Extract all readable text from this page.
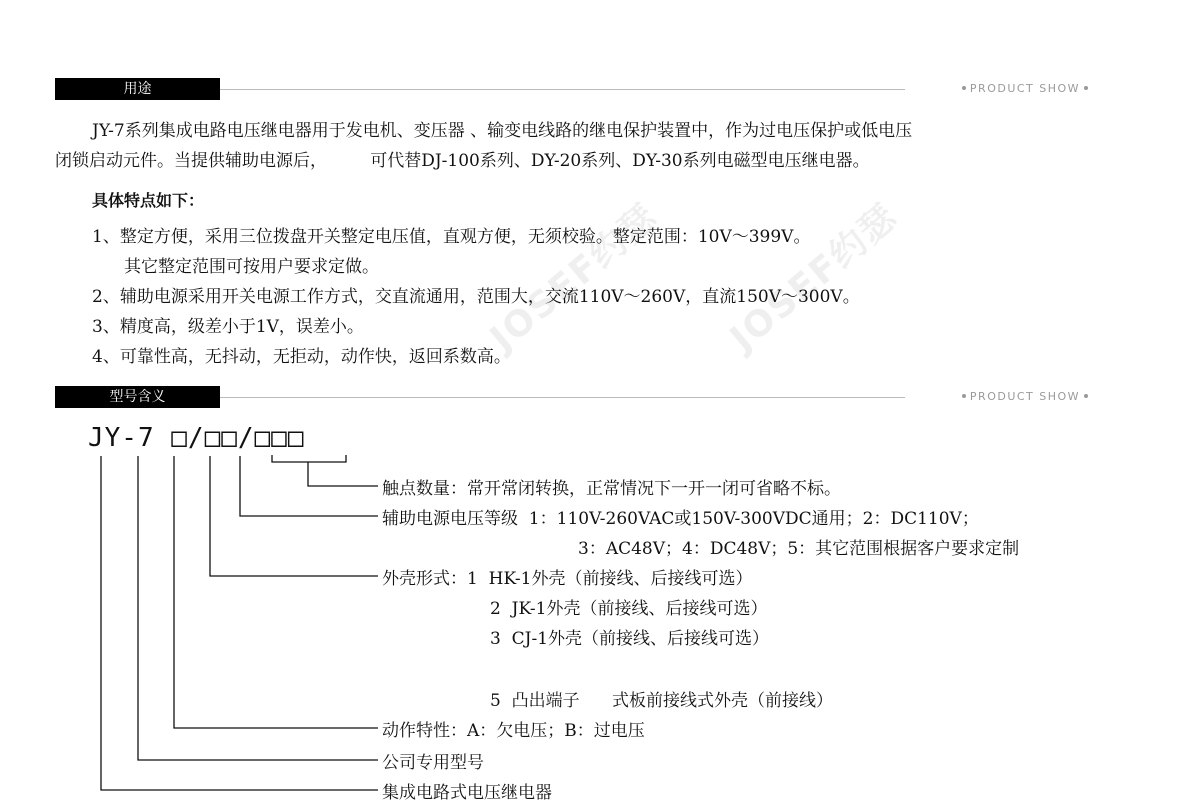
用途	PRODUCT SHOW
JY-7系列集成电路电压继电器用于发电机、变压器 、输变电线路的继电保护装置中，作为过电压保护或低电压
闭锁启动元件。当提供辅助电源后，        可代替DJ-100系列、DY-20系列、DY-30系列电磁型电压继电器。
具体特点如下：
1、整定方便，采用三位拨盘开关整定电压值，直观方便，无须校验。整定范围：10V～399V。
其它整定范围可按用户要求定做。
2、辅助电源采用开关电源工作方式，交直流通用，范围大，交流110V～260V，直流150V～300V。
3、精度高，级差小于1V，误差小。
4、可靠性高，无抖动，无拒动，动作快，返回系数高。
JOSEF约瑟 JOSEF约瑟
型号含义	PRODUCT SHOW
JY-7 □/□□/□□□
触点数量：常开常闭转换，正常情况下一开一闭可省略不标。
辅助电源电压等级  1：110V-260VAC或150V-300VDC通用；2：DC110V；
3：AC48V；4：DC48V；5：其它范围根据客户要求定制
外壳形式：1  HK-1外壳（前接线、后接线可选）
2  JK-1外壳（前接线、后接线可选）
3  CJ-1外壳（前接线、后接线可选）
5  凸出端子      式板前接线式外壳（前接线）
动作特性：A：欠电压；B：过电压
公司专用型号
集成电路式电压继电器
